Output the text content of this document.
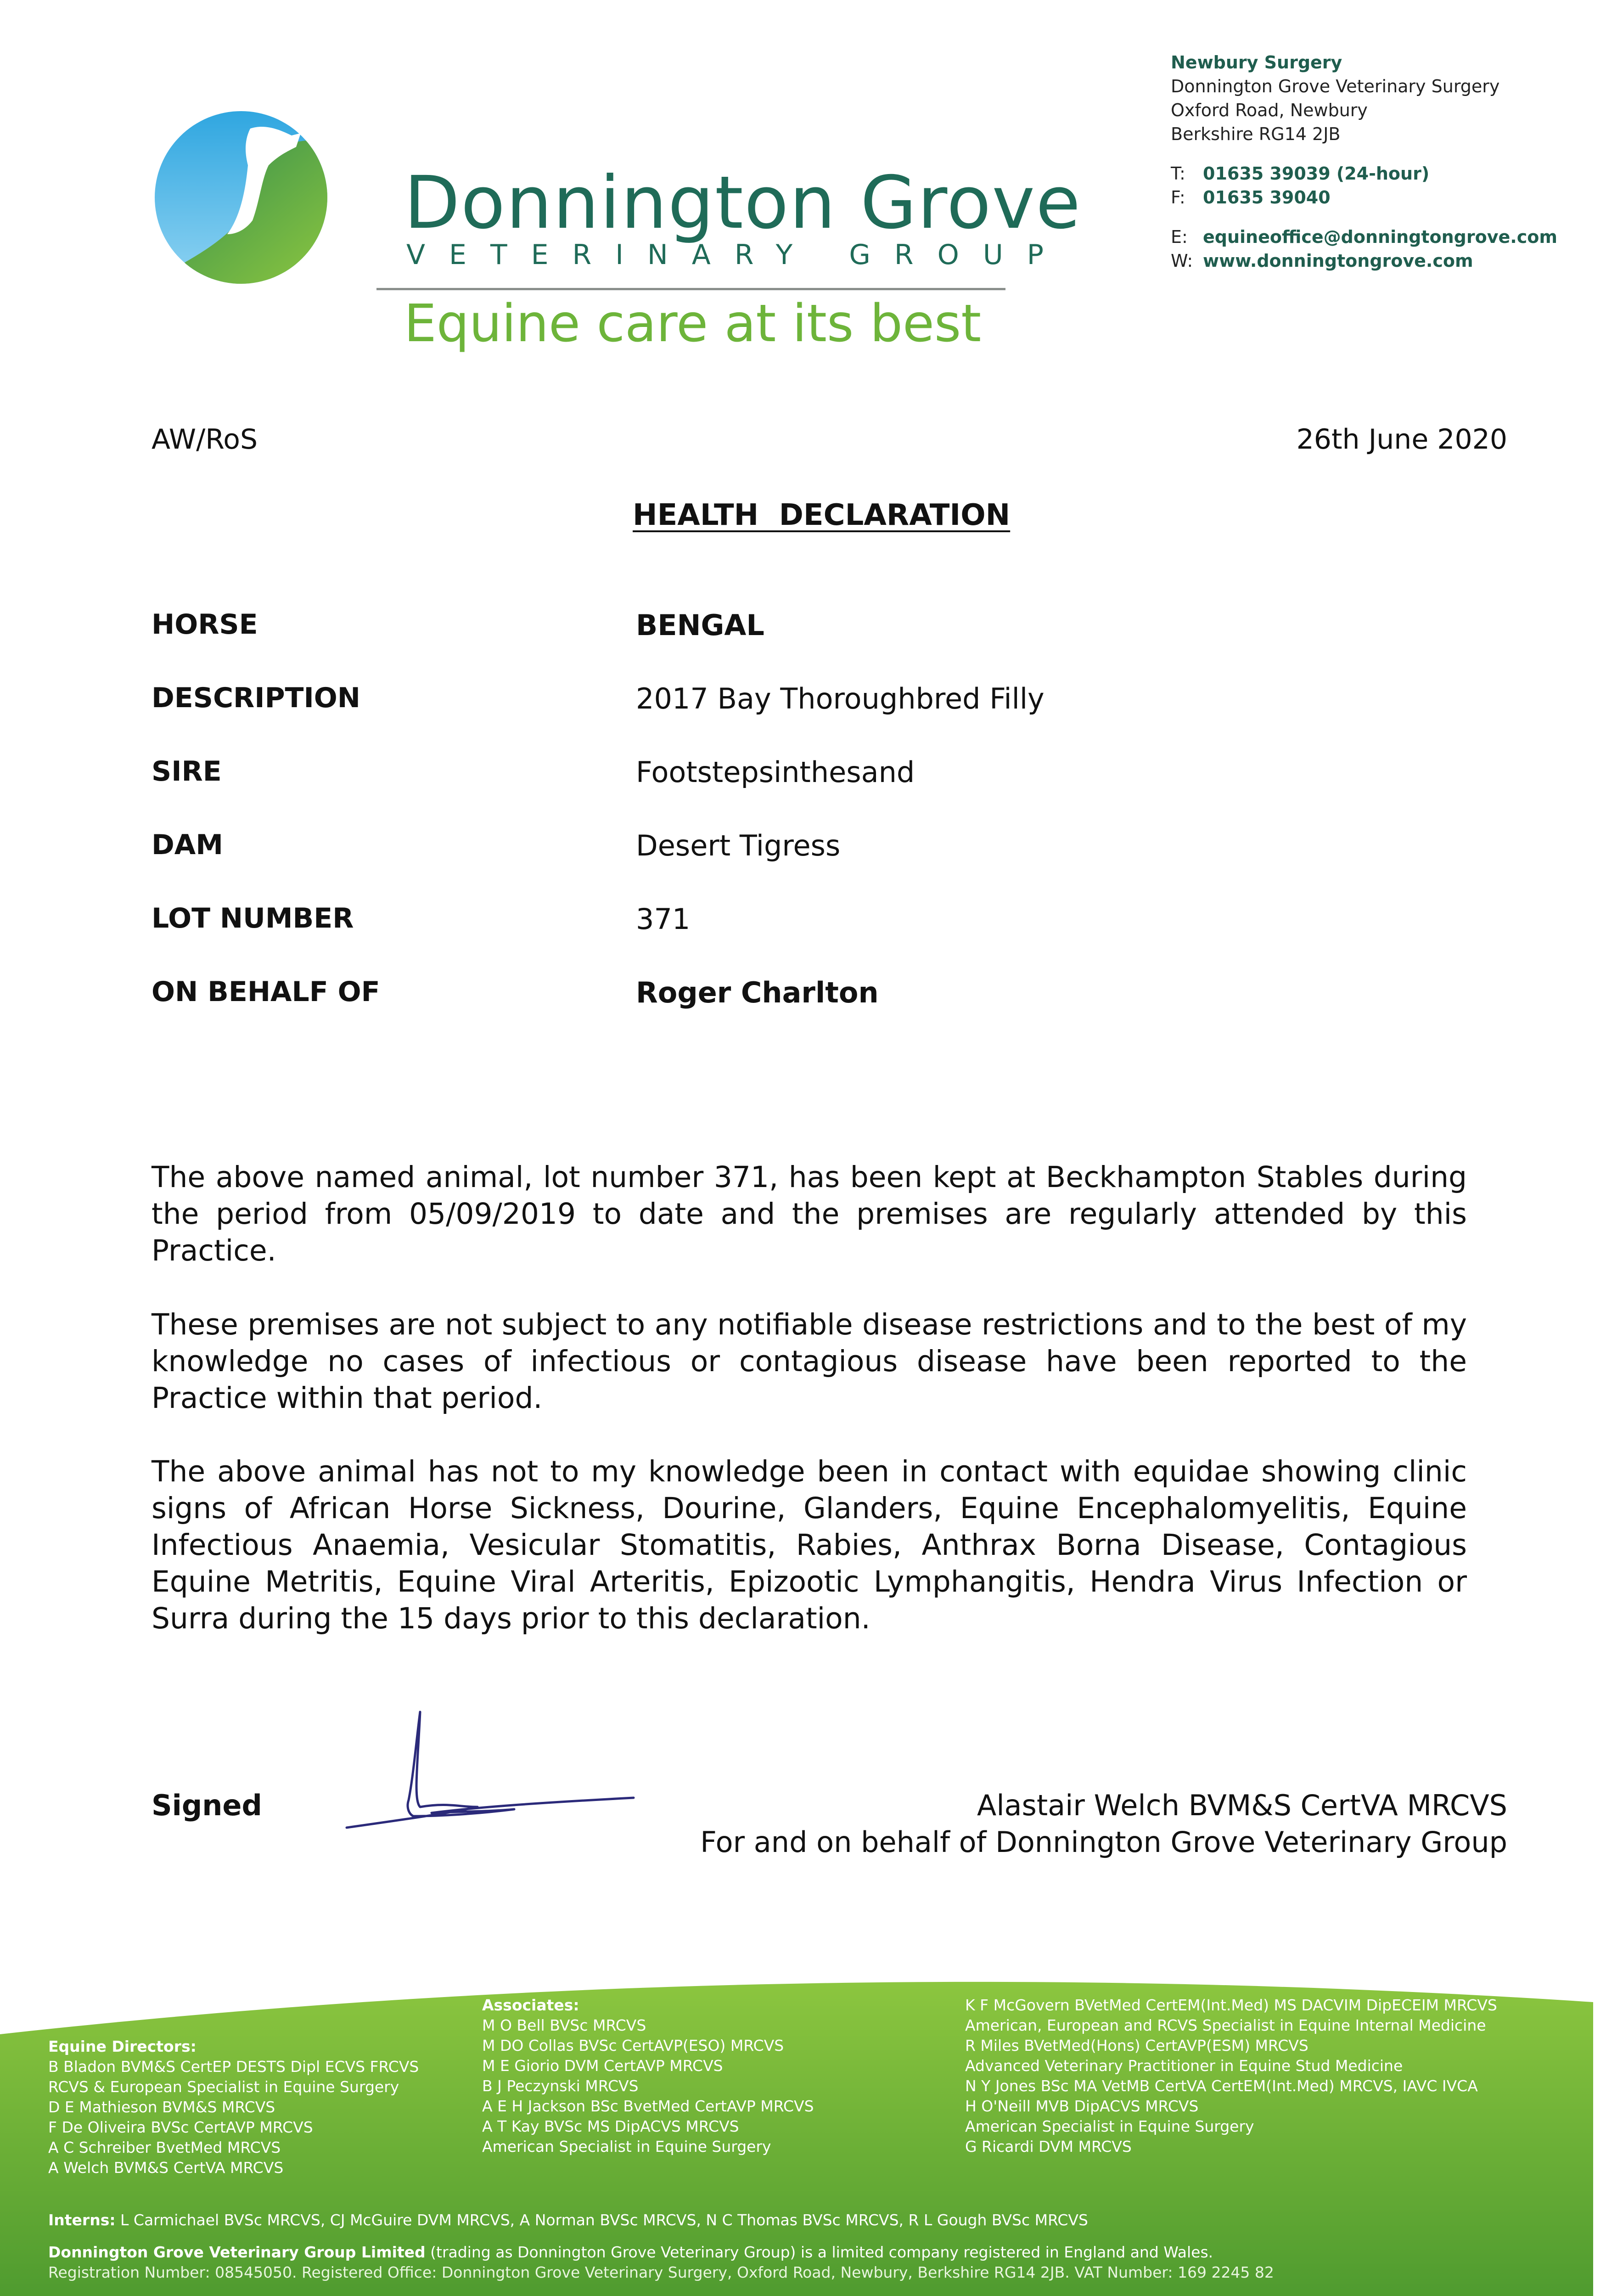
Donnington Grove
VETERINARY GROUP
Equine care at its best
Newbury Surgery
Donnington Grove Veterinary Surgery
Oxford Road, Newbury
Berkshire RG14 2JB
T: 01635 39039 (24-hour)
F: 01635 39040
E: equineoffice@donningtongrove.com
W: www.donningtongrove.com
AW/RoS	26th June 2020
HEALTH  DECLARATION
HORSE	BENGAL
DESCRIPTION	2017 Bay Thoroughbred Filly
SIRE	Footstepsinthesand
DAM	Desert Tigress
LOT NUMBER	371
ON BEHALF OF	Roger Charlton
The above named animal, lot number 371, has been kept at Beckhampton Stables during the period from 05/09/2019 to date and the premises are regularly attended by this Practice.
These premises are not subject to any notifiable disease restrictions and to the best of my knowledge no cases of infectious or contagious disease have been reported to the Practice within that period.
The above animal has not to my knowledge been in contact with equidae showing clinic signs of African Horse Sickness, Dourine, Glanders, Equine Encephalomyelitis, Equine Infectious Anaemia, Vesicular Stomatitis, Rabies, Anthrax Borna Disease, Contagious Equine Metritis, Equine Viral Arteritis, Epizootic Lymphangitis, Hendra Virus Infection or Surra during the 15 days prior to this declaration.
Signed	Alastair Welch BVM&S CertVA MRCVS
For and on behalf of Donnington Grove Veterinary Group
Equine Directors:
B Bladon BVM&S CertEP DESTS Dipl ECVS FRCVS
RCVS & European Specialist in Equine Surgery
D E Mathieson BVM&S MRCVS
F De Oliveira BVSc CertAVP MRCVS
A C Schreiber BvetMed MRCVS
A Welch BVM&S CertVA MRCVS
Associates:
M O Bell BVSc MRCVS
M DO Collas BVSc CertAVP(ESO) MRCVS
M E Giorio DVM CertAVP MRCVS
B J Peczynski MRCVS
A E H Jackson BSc BvetMed CertAVP MRCVS
A T Kay BVSc MS DipACVS MRCVS
American Specialist in Equine Surgery
K F McGovern BVetMed CertEM(Int.Med) MS DACVIM DipECEIM MRCVS
American, European and RCVS Specialist in Equine Internal Medicine
R Miles BVetMed(Hons) CertAVP(ESM) MRCVS
Advanced Veterinary Practitioner in Equine Stud Medicine
N Y Jones BSc MA VetMB CertVA CertEM(Int.Med) MRCVS, IAVC IVCA
H O'Neill MVB DipACVS MRCVS
American Specialist in Equine Surgery
G Ricardi DVM MRCVS
Interns: L Carmichael BVSc MRCVS, CJ McGuire DVM MRCVS, A Norman BVSc MRCVS, N C Thomas BVSc MRCVS, R L Gough BVSc MRCVS
Donnington Grove Veterinary Group Limited (trading as Donnington Grove Veterinary Group) is a limited company registered in England and Wales.
Registration Number: 08545050. Registered Office: Donnington Grove Veterinary Surgery, Oxford Road, Newbury, Berkshire RG14 2JB. VAT Number: 169 2245 82
